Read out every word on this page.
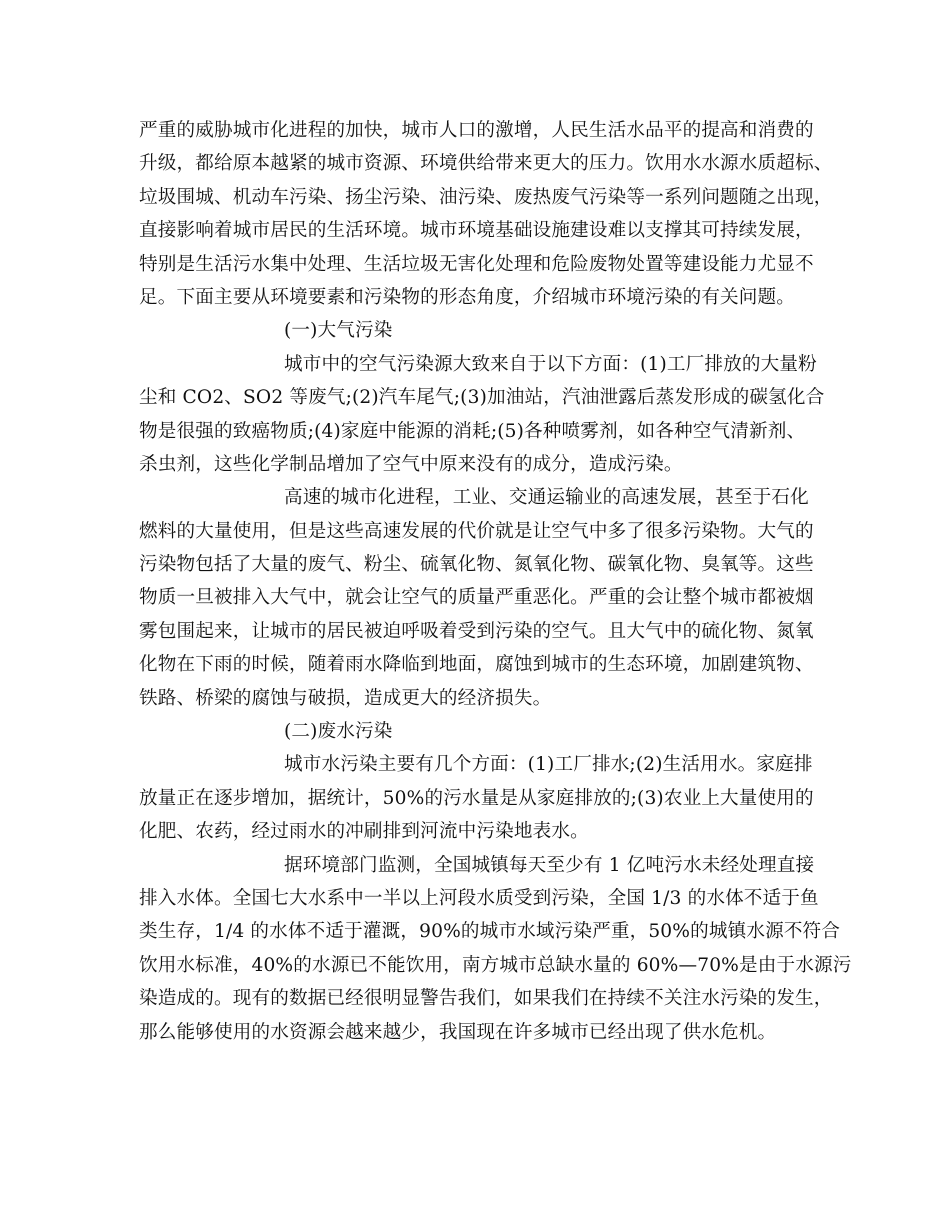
严重的威胁城市化进程的加快，城市人口的激增，人民生活水品平的提高和消费的
升级，都给原本越紧的城市资源、环境供给带来更大的压力。饮用水水源水质超标、
垃圾围城、机动车污染、扬尘污染、油污染、废热废气污染等一系列问题随之出现，
直接影响着城市居民的生活环境。城市环境基础设施建设难以支撑其可持续发展，
特别是生活污水集中处理、生活垃圾无害化处理和危险废物处置等建设能力尤显不
足。下面主要从环境要素和污染物的形态角度，介绍城市环境污染的有关问题。
(一)大气污染
城市中的空气污染源大致来自于以下方面：(1)工厂排放的大量粉
尘和 CO2、SO2 等废气;(2)汽车尾气;(3)加油站，汽油泄露后蒸发形成的碳氢化合
物是很强的致癌物质;(4)家庭中能源的消耗;(5)各种喷雾剂，如各种空气清新剂、
杀虫剂，这些化学制品增加了空气中原来没有的成分，造成污染。
高速的城市化进程，工业、交通运输业的高速发展，甚至于石化
燃料的大量使用，但是这些高速发展的代价就是让空气中多了很多污染物。大气的
污染物包括了大量的废气、粉尘、硫氧化物、氮氧化物、碳氧化物、臭氧等。这些
物质一旦被排入大气中，就会让空气的质量严重恶化。严重的会让整个城市都被烟
雾包围起来，让城市的居民被迫呼吸着受到污染的空气。且大气中的硫化物、氮氧
化物在下雨的时候，随着雨水降临到地面，腐蚀到城市的生态环境，加剧建筑物、
铁路、桥梁的腐蚀与破损，造成更大的经济损失。
(二)废水污染
城市水污染主要有几个方面：(1)工厂排水;(2)生活用水。家庭排
放量正在逐步增加，据统计，50%的污水量是从家庭排放的;(3)农业上大量使用的
化肥、农药，经过雨水的冲刷排到河流中污染地表水。
据环境部门监测，全国城镇每天至少有 1 亿吨污水未经处理直接
排入水体。全国七大水系中一半以上河段水质受到污染，全国 1/3 的水体不适于鱼
类生存，1/4 的水体不适于灌溉，90%的城市水域污染严重，50%的城镇水源不符合
饮用水标准，40%的水源已不能饮用，南方城市总缺水量的 60%—70%是由于水源污
染造成的。现有的数据已经很明显警告我们，如果我们在持续不关注水污染的发生，
那么能够使用的水资源会越来越少，我国现在许多城市已经出现了供水危机。
